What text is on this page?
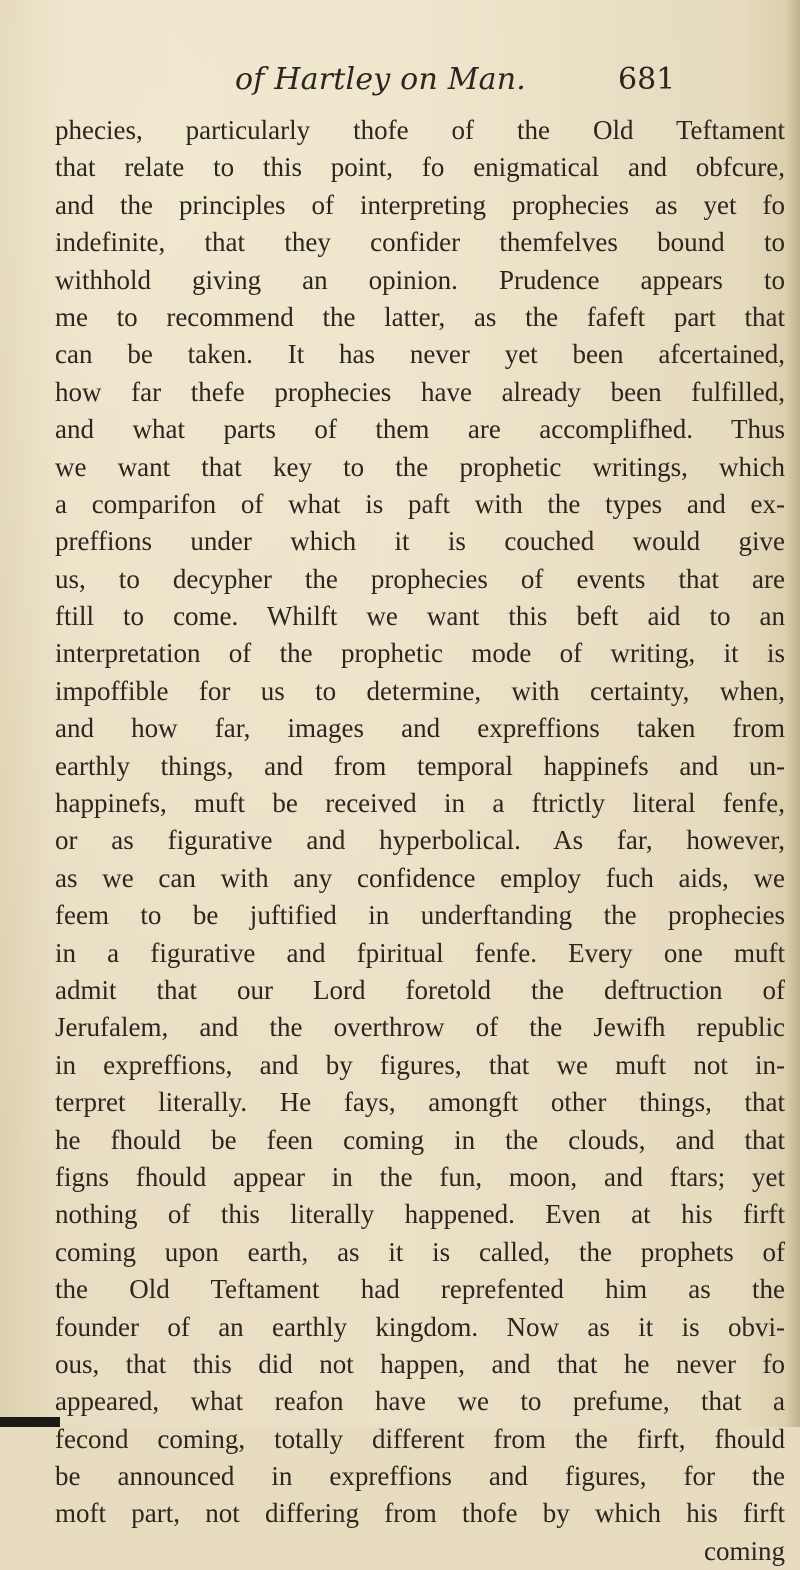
of Hartley on Man.	681
phecies, particularly thofe of the Old Teftament
that relate to this point, fo enigmatical and obfcure,
and the principles of interpreting prophecies as yet fo
indefinite, that they confider themfelves bound to
withhold giving an opinion. Prudence appears to
me to recommend the latter, as the fafeft part that
can be taken. It has never yet been afcertained,
how far thefe prophecies have already been fulfilled,
and what parts of them are accomplifhed. Thus
we want that key to the prophetic writings, which
a comparifon of what is paft with the types and ex-
preffions under which it is couched would give
us, to decypher the prophecies of events that are
ftill to come. Whilft we want this beft aid to an
interpretation of the prophetic mode of writing, it is
impoffible for us to determine, with certainty, when,
and how far, images and expreffions taken from
earthly things, and from temporal happinefs and un-
happinefs, muft be received in a ftrictly literal fenfe,
or as figurative and hyperbolical. As far, however,
as we can with any confidence employ fuch aids, we
feem to be juftified in underftanding the prophecies
in a figurative and fpiritual fenfe. Every one muft
admit that our Lord foretold the deftruction of
Jerufalem, and the overthrow of the Jewifh republic
in expreffions, and by figures, that we muft not in-
terpret literally. He fays, amongft other things, that
he fhould be feen coming in the clouds, and that
figns fhould appear in the fun, moon, and ftars; yet
nothing of this literally happened. Even at his firft
coming upon earth, as it is called, the prophets of
the Old Teftament had reprefented him as the
founder of an earthly kingdom. Now as it is obvi-
ous, that this did not happen, and that he never fo
appeared, what reafon have we to prefume, that a
fecond coming, totally different from the firft, fhould
be announced in expreffions and figures, for the
moft part, not differing from thofe by which his firft
coming
